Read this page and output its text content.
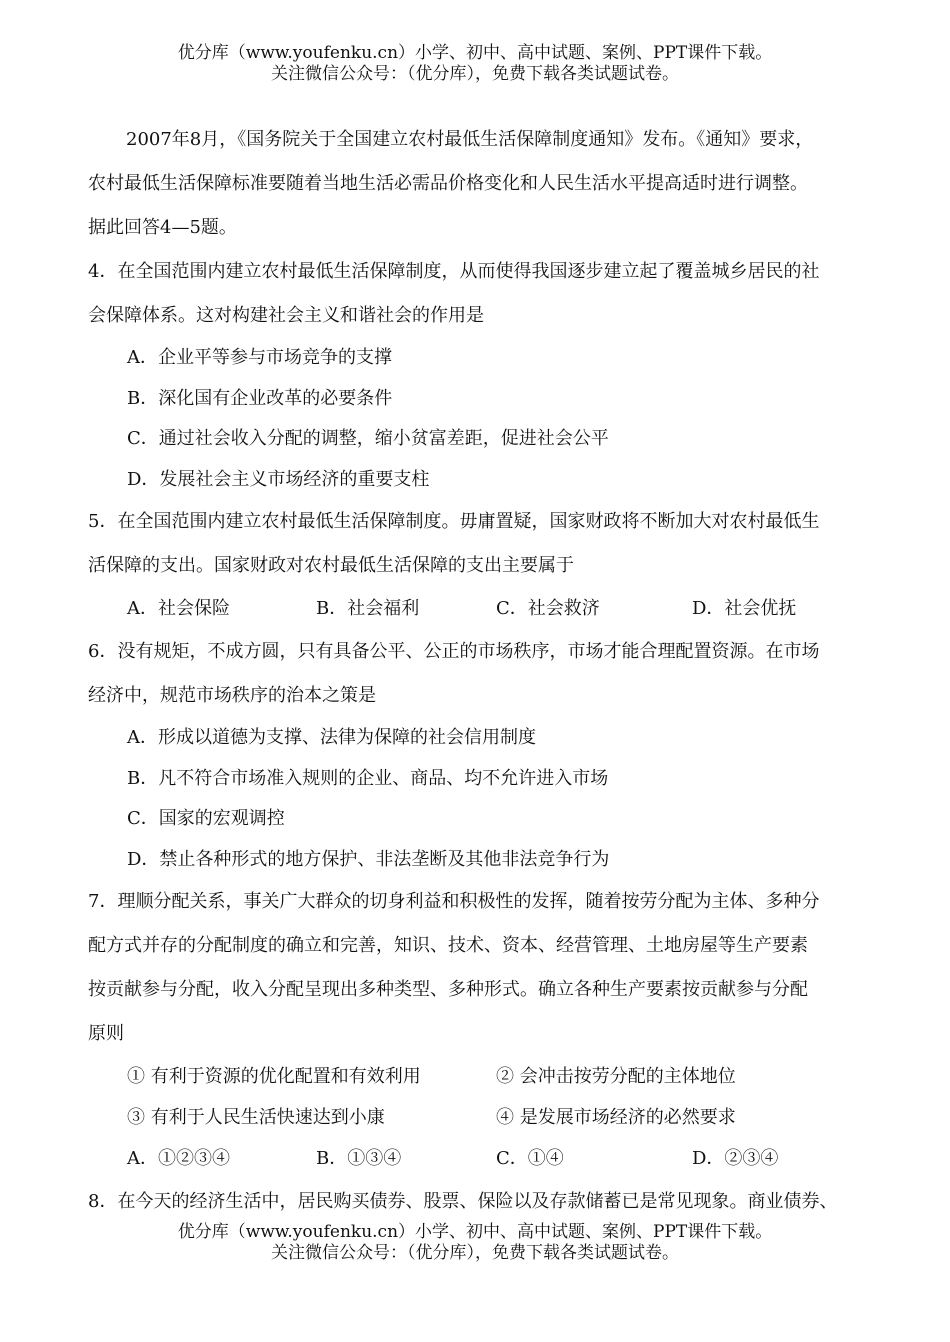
优分库（www.youfenku.cn）小学、初中、高中试题、案例、PPT课件下载。
关注微信公众号：（优分库），免费下载各类试题试卷。

2007年8月，《国务院关于全国建立农村最低生活保障制度通知》发布。《通知》要求，

农村最低生活保障标准要随着当地生活必需品价格变化和人民生活水平提高适时进行调整。

据此回答4—5题。

4．在全国范围内建立农村最低生活保障制度，从而使得我国逐步建立起了覆盖城乡居民的社

会保障体系。这对构建社会主义和谐社会的作用是

A．企业平等参与市场竞争的支撑
B．深化国有企业改革的必要条件
C．通过社会收入分配的调整，缩小贫富差距，促进社会公平
D．发展社会主义市场经济的重要支柱

5．在全国范围内建立农村最低生活保障制度。毋庸置疑，国家财政将不断加大对农村最低生

活保障的支出。国家财政对农村最低生活保障的支出主要属于

A．社会保险	B．社会福利	C．社会救济	D．社会优抚

6．没有规矩，不成方圆，只有具备公平、公正的市场秩序，市场才能合理配置资源。在市场

经济中，规范市场秩序的治本之策是

A．形成以道德为支撑、法律为保障的社会信用制度
B．凡不符合市场准入规则的企业、商品、均不允许进入市场
C．国家的宏观调控
D．禁止各种形式的地方保护、非法垄断及其他非法竞争行为

7．理顺分配关系，事关广大群众的切身利益和积极性的发挥，随着按劳分配为主体、多种分

配方式并存的分配制度的确立和完善，知识、技术、资本、经营管理、土地房屋等生产要素

按贡献参与分配，收入分配呈现出多种类型、多种形式。确立各种生产要素按贡献参与分配

原则

① 有利于资源的优化配置和有效利用	② 会冲击按劳分配的主体地位
③ 有利于人民生活快速达到小康	④ 是发展市场经济的必然要求
A．①②③④	B．①③④	C．①④	D．②③④

8．在今天的经济生活中，居民购买债券、股票、保险以及存款储蓄已是常见现象。商业债券、

优分库（www.youfenku.cn）小学、初中、高中试题、案例、PPT课件下载。
关注微信公众号：（优分库），免费下载各类试题试卷。
